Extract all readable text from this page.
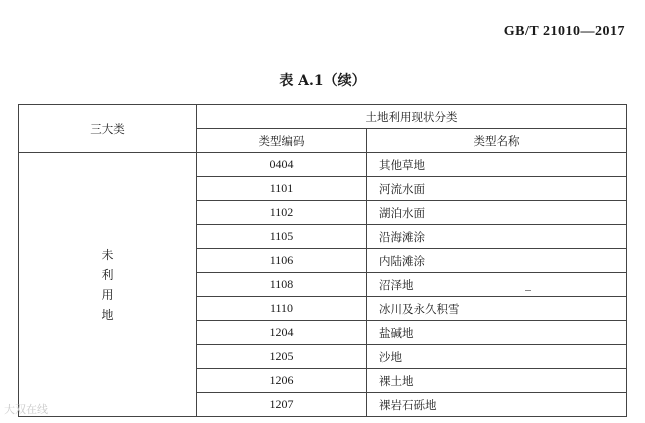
GB/T 21010—2017
表 A.1（续）
三大类	土地利用现状分类	
	类型编码	类型名称

未
利
用
地	0404	其他草地
	1101	河流水面
	1102	湖泊水面
	1105	沿海滩涂
	1106	内陆滩涂
	1108	沼泽地
	1110	冰川及永久积雪
	1204	盐碱地
	1205	沙地
	1206	裸土地
	1207	裸岩石砾地
大双在线
